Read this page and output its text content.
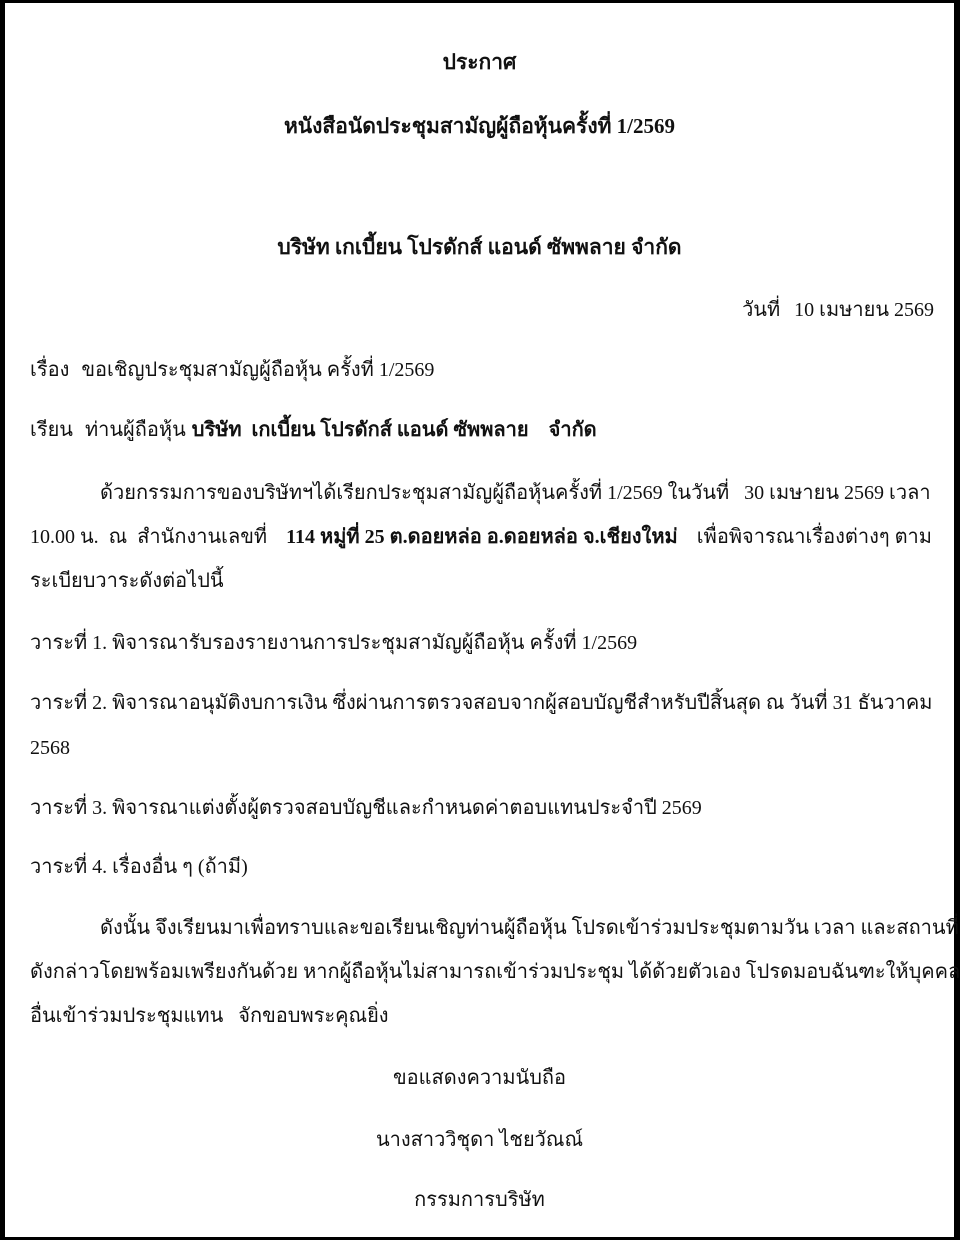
ประกาศ
หนังสือนัดประชุมสามัญผู้ถือหุ้นครั้งที่ 1/2569
บริษัท เกเบี้ยน โปรดักส์ แอนด์ ซัพพลาย จำกัด
วันที่ 10 เมษายน 2569
เรื่อง ขอเชิญประชุมสามัญผู้ถือหุ้น ครั้งที่ 1/2569
เรียน ท่านผู้ถือหุ้น บริษัท  เกเบี้ยน โปรดักส์ แอนด์ ซัพพลาย    จำกัด
ด้วยกรรมการของบริษัทฯได้เรียกประชุมสามัญผู้ถือหุ้นครั้งที่ 1/2569 ในวันที่   30 เมษายน 2569 เวลา
10.00 น.  ณ  สำนักงานเลขที่ 114 หมู่ที่ 25 ต.ดอยหล่อ อ.ดอยหล่อ จ.เชียงใหม่ เพื่อพิจารณาเรื่องต่างๆ ตาม
ระเบียบวาระดังต่อไปนี้
วาระที่ 1. พิจารณารับรองรายงานการประชุมสามัญผู้ถือหุ้น ครั้งที่ 1/2569
วาระที่ 2. พิจารณาอนุมัติงบการเงิน ซึ่งผ่านการตรวจสอบจากผู้สอบบัญชีสำหรับปีสิ้นสุด ณ วันที่ 31 ธันวาคม
2568
วาระที่ 3. พิจารณาแต่งตั้งผู้ตรวจสอบบัญชีและกำหนดค่าตอบแทนประจำปี 2569
วาระที่ 4. เรื่องอื่น ๆ (ถ้ามี)
ดังนั้น จึงเรียนมาเพื่อทราบและขอเรียนเชิญท่านผู้ถือหุ้น โปรดเข้าร่วมประชุมตามวัน เวลา และสถานที่
ดังกล่าวโดยพร้อมเพรียงกันด้วย หากผู้ถือหุ้นไม่สามารถเข้าร่วมประชุม ได้ด้วยตัวเอง โปรดมอบฉันฑะให้บุคคล
อื่นเข้าร่วมประชุมแทน   จักขอบพระคุณยิ่ง
ขอแสดงความนับถือ
นางสาววิชุดา ไชยวัณณ์
กรรมการบริษัท
